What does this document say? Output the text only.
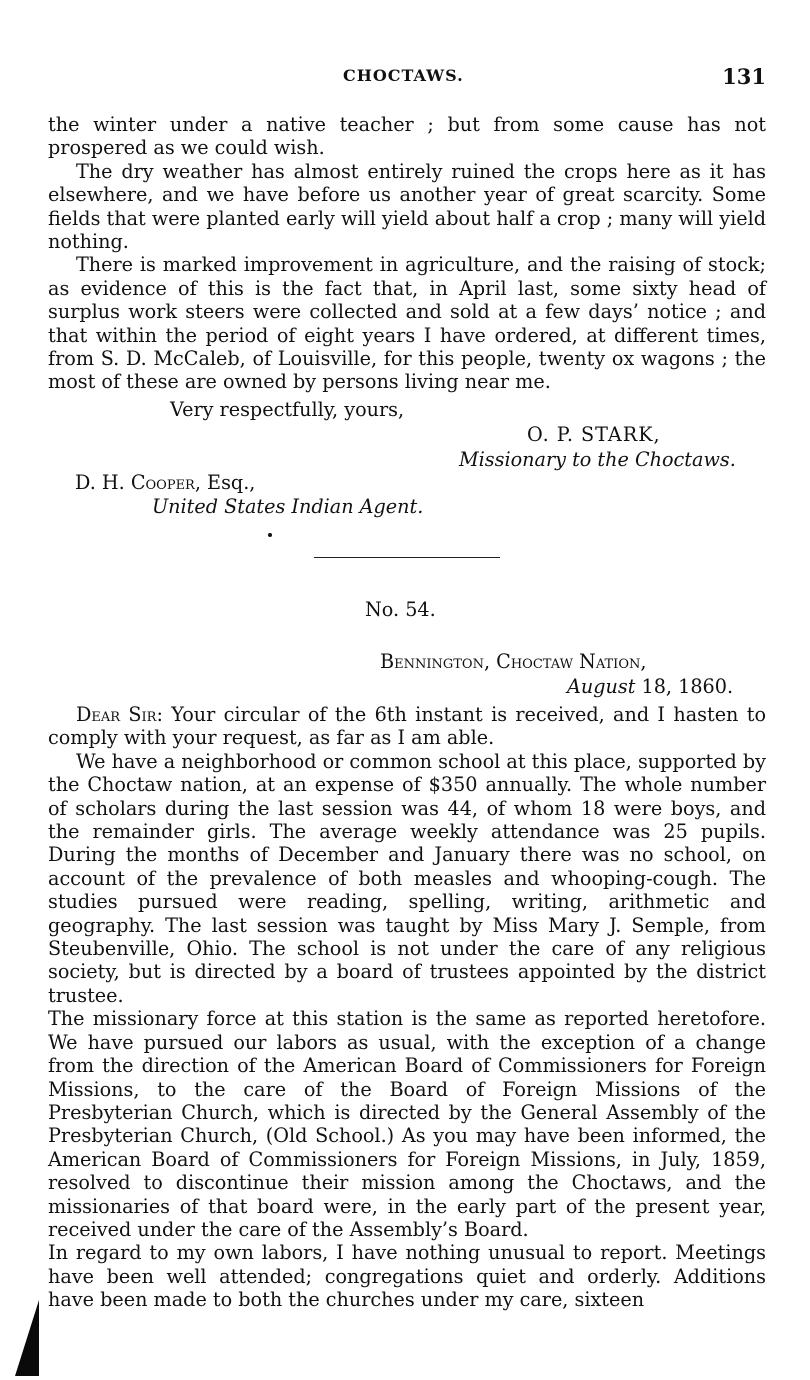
CHOCTAWS.	131

the winter under a native teacher ; but from some cause has not prospered as we could wish.

The dry weather has almost entirely ruined the crops here as it has elsewhere, and we have before us another year of great scarcity. Some fields that were planted early will yield about half a crop ; many will yield nothing.

There is marked improvement in agriculture, and the raising of stock; as evidence of this is the fact that, in April last, some sixty head of surplus work steers were collected and sold at a few days’ notice ; and that within the period of eight years I have ordered, at different times, from S. D. McCaleb, of Louisville, for this people, twenty ox wagons ; the most of these are owned by persons living near me.

Very respectfully, yours,
O. P. STARK,
Missionary to the Choctaws.
D. H. Cooper, Esq.,
United States Indian Agent.
No. 54.
Bennington, Choctaw Nation,
August 18, 1860.

Dear Sir: Your circular of the 6th instant is received, and I hasten to comply with your request, as far as I am able.

We have a neighborhood or common school at this place, supported by the Choctaw nation, at an expense of $350 annually. The whole number of scholars during the last session was 44, of whom 18 were boys, and the remainder girls. The average weekly attendance was 25 pupils. During the months of December and January there was no school, on account of the prevalence of both measles and whooping-cough. The studies pursued were reading, spelling, writing, arithmetic and geography. The last session was taught by Miss Mary J. Semple, from Steubenville, Ohio. The school is not under the care of any religious society, but is directed by a board of trustees appointed by the district trustee.

The missionary force at this station is the same as reported heretofore. We have pursued our labors as usual, with the exception of a change from the direction of the American Board of Commissioners for Foreign Missions, to the care of the Board of Foreign Missions of the Presbyterian Church, which is directed by the General Assembly of the Presbyterian Church, (Old School.) As you may have been informed, the American Board of Commissioners for Foreign Missions, in July, 1859, resolved to discontinue their mission among the Choctaws, and the missionaries of that board were, in the early part of the present year, received under the care of the Assembly’s Board.

In regard to my own labors, I have nothing unusual to report. Meetings have been well attended; congregations quiet and orderly. Additions have been made to both the churches under my care, sixteen
